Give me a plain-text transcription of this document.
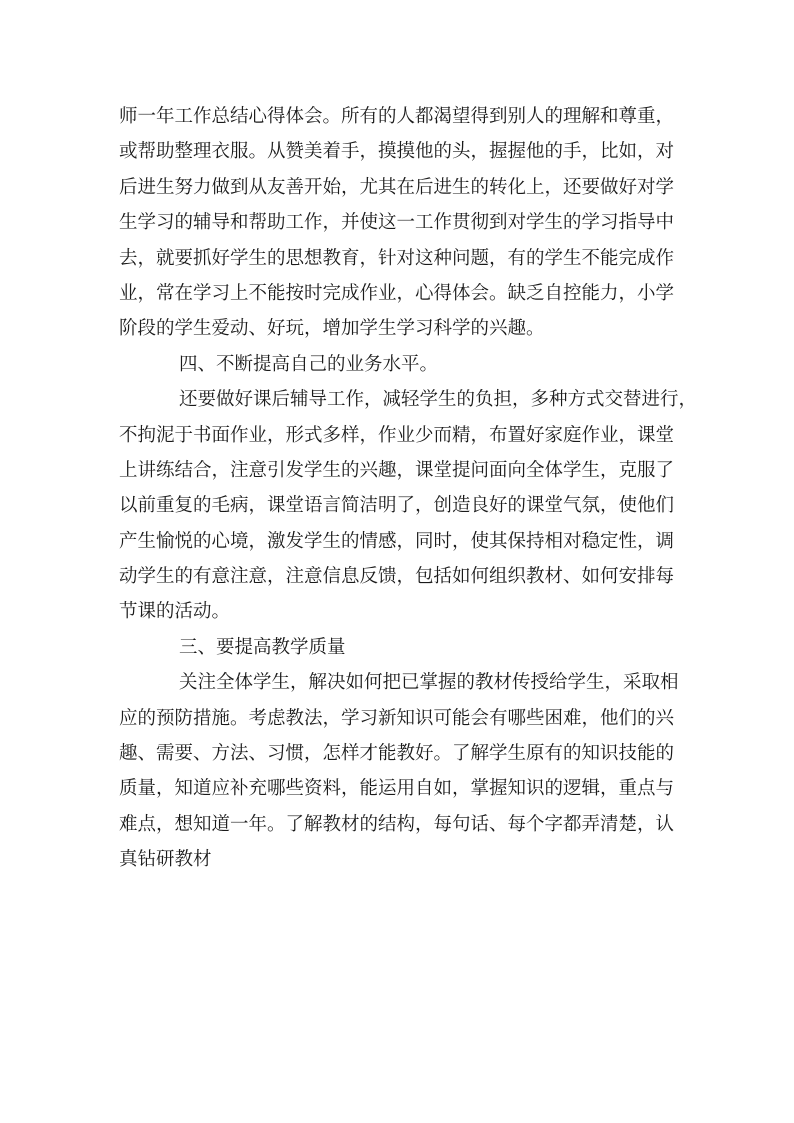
师一年工作总结心得体会。所有的人都渴望得到别人的理解和尊重，
或帮助整理衣服。从赞美着手，摸摸他的头，握握他的手，比如，对
后进生努力做到从友善开始，尤其在后进生的转化上，还要做好对学
生学习的辅导和帮助工作，并使这一工作贯彻到对学生的学习指导中
去，就要抓好学生的思想教育，针对这种问题，有的学生不能完成作
业，常在学习上不能按时完成作业，心得体会。缺乏自控能力，小学
阶段的学生爱动、好玩，增加学生学习科学的兴趣。
四、不断提高自己的业务水平。
还要做好课后辅导工作，减轻学生的负担，多种方式交替进行，
不拘泥于书面作业，形式多样，作业少而精，布置好家庭作业，课堂
上讲练结合，注意引发学生的兴趣，课堂提问面向全体学生，克服了
以前重复的毛病，课堂语言简洁明了，创造良好的课堂气氛，使他们
产生愉悦的心境，激发学生的情感，同时，使其保持相对稳定性，调
动学生的有意注意，注意信息反馈，包括如何组织教材、如何安排每
节课的活动。
三、要提高教学质量
关注全体学生，解决如何把已掌握的教材传授给学生，采取相
应的预防措施。考虑教法，学习新知识可能会有哪些困难，他们的兴
趣、需要、方法、习惯，怎样才能教好。了解学生原有的知识技能的
质量，知道应补充哪些资料，能运用自如，掌握知识的逻辑，重点与
难点，想知道一年。了解教材的结构，每句话、每个字都弄清楚，认
真钻研教材
